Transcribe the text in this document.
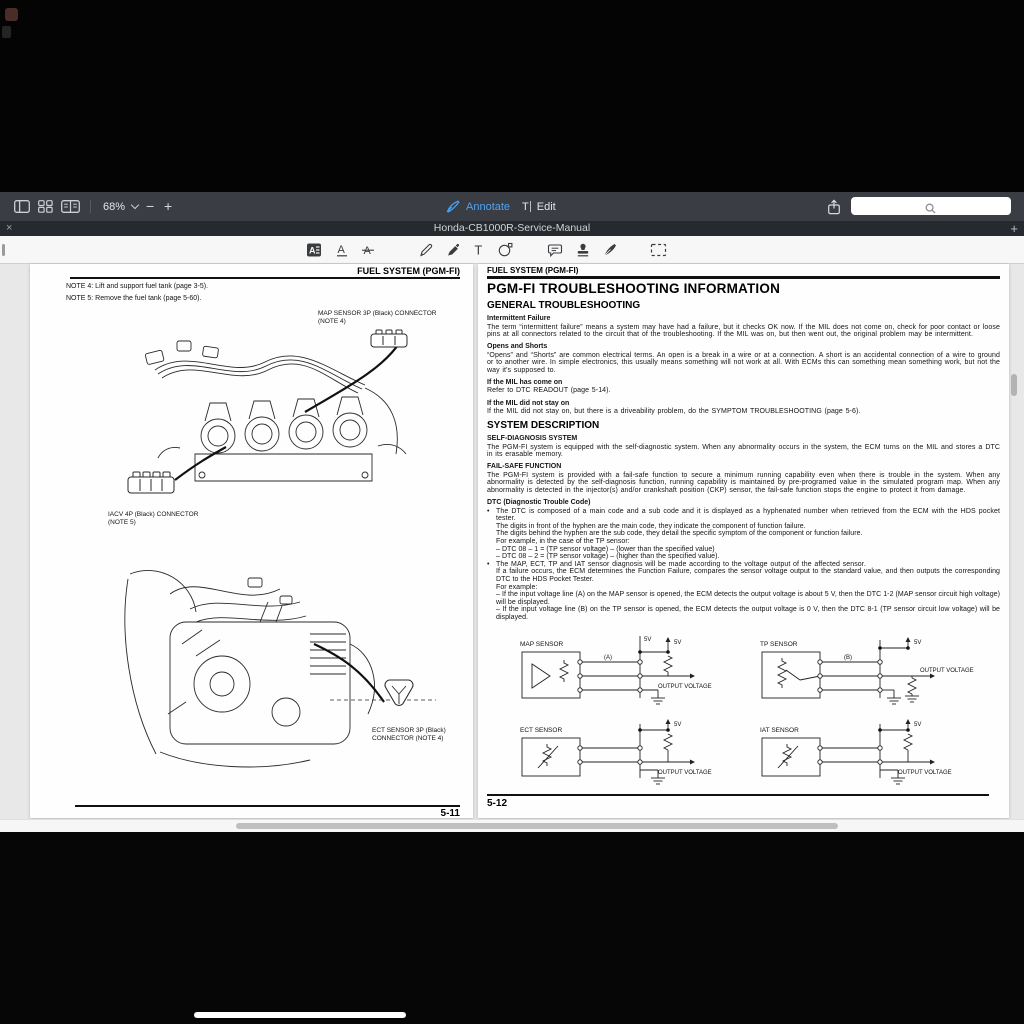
68% − +	Annotate T Edit
×	Honda-CB1000R-Service-Manual	+
A A A	T
FUEL SYSTEM (PGM-FI)
NOTE 4: Lift and support fuel tank (page 3-5).
NOTE 5: Remove the fuel tank (page 5-60).
MAP SENSOR 3P (Black) CONNECTOR
(NOTE 4)
IACV 4P (Black) CONNECTOR
(NOTE 5)
ECT SENSOR 3P (Black)
CONNECTOR (NOTE 4)
5-11
FUEL SYSTEM (PGM-FI)
PGM-FI TROUBLESHOOTING INFORMATION
GENERAL TROUBLESHOOTING
Intermittent Failure
The term “intermittent failure” means a system may have had a failure, but it checks OK now. If the MIL does not come on, check for poor contact or loose pins at all connectors related to the circuit that of the troubleshooting. If the MIL was on, but then went out, the original problem may be intermittent.
Opens and Shorts
“Opens” and “Shorts” are common electrical terms. An open is a break in a wire or at a connection. A short is an accidental connection of a wire to ground or to another wire. In simple electronics, this usually means something will not work at all. With ECMs this can something mean something work, but not the way it's supposed to.
If the MIL has come on
Refer to DTC READOUT (page 5-14).
If the MIL did not stay on
If the MIL did not stay on, but there is a driveability problem, do the SYMPTOM TROUBLESHOOTING (page 5-6).
SYSTEM DESCRIPTION
SELF-DIAGNOSIS SYSTEM
The PGM-FI system is equipped with the self-diagnostic system. When any abnormality occurs in the system, the ECM turns on the MIL and stores a DTC in its erasable memory.
FAIL-SAFE FUNCTION
The PGM-FI system is provided with a fail-safe function to secure a minimum running capability even when there is trouble in the system. When any abnormality is detected by the self-diagnosis function, running capability is maintained by pre-programed value in the simulated program map. When any abnormality is detected in the injector(s) and/or crankshaft position (CKP) sensor, the fail-safe function stops the engine to protect it from damage.
DTC (Diagnostic Trouble Code)
• The DTC is composed of a main code and a sub code and it is displayed as a hyphenated number when retrieved from the ECM with the HDS pocket tester.
The digits in front of the hyphen are the main code, they indicate the component of function failure.
The digits behind the hyphen are the sub code, they detail the specific symptom of the component or function failure.
For example, in the case of the TP sensor:
– DTC 08 – 1 = (TP sensor voltage) – (lower than the specified value)
– DTC 08 – 2 = (TP sensor voltage) – (higher than the specified value).
• The MAP, ECT, TP and IAT sensor diagnosis will be made according to the voltage output of the affected sensor.
If a failure occurs, the ECM determines the Function Failure, compares the sensor voltage output to the standard value, and then outputs the corresponding DTC to the HDS Pocket Tester.
For example:
– If the input voltage line (A) on the MAP sensor is opened, the ECM detects the output voltage is about 5 V, then the DTC 1-2 (MAP sensor circuit high voltage) will be displayed.
– If the input voltage line (B) on the TP sensor is opened, the ECM detects the output voltage is 0 V, then the DTC 8-1 (TP sensor circuit low voltage) will be displayed.
MAP SENSOR
(A)
5V	5V
OUTPUT VOLTAGE
TP SENSOR
(B)
5V
OUTPUT VOLTAGE
ECT SENSOR
5V
OUTPUT VOLTAGE
IAT SENSOR
5V
OUTPUT VOLTAGE
5-12
